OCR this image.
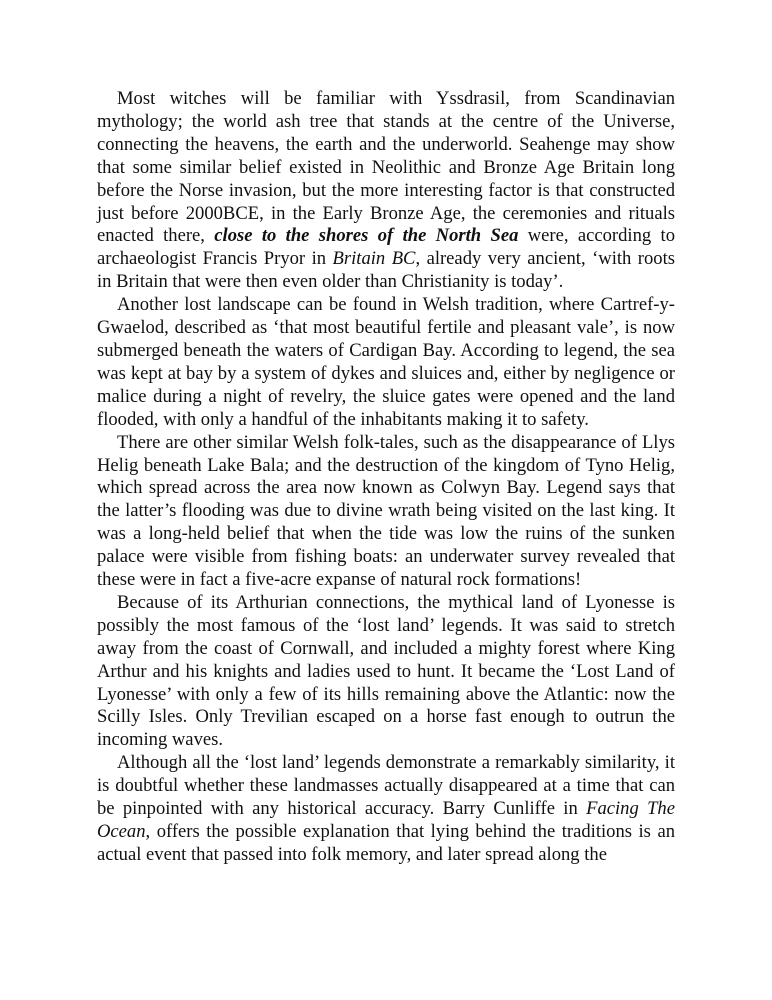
Most witches will be familiar with Yssdrasil, from Scandinavian mythology; the world ash tree that stands at the centre of the Universe, connecting the heavens, the earth and the underworld. Seahenge may show that some similar belief existed in Neolithic and Bronze Age Britain long before the Norse invasion, but the more interesting factor is that constructed just before 2000BCE, in the Early Bronze Age, the ceremonies and rituals enacted there, close to the shores of the North Sea were, according to archaeologist Francis Pryor in Britain BC, already very ancient, ‘with roots in Britain that were then even older than Christianity is today’.

Another lost landscape can be found in Welsh tradition, where Cartref-y-Gwaelod, described as ‘that most beautiful fertile and pleasant vale’, is now submerged beneath the waters of Cardigan Bay. According to legend, the sea was kept at bay by a system of dykes and sluices and, either by negligence or malice during a night of revelry, the sluice gates were opened and the land flooded, with only a handful of the inhabitants making it to safety.

There are other similar Welsh folk-tales, such as the disappearance of Llys Helig beneath Lake Bala; and the destruction of the kingdom of Tyno Helig, which spread across the area now known as Colwyn Bay. Legend says that the latter’s flooding was due to divine wrath being visited on the last king. It was a long-held belief that when the tide was low the ruins of the sunken palace were visible from fishing boats: an underwater survey revealed that these were in fact a five-acre expanse of natural rock formations!

Because of its Arthurian connections, the mythical land of Lyonesse is possibly the most famous of the ‘lost land’ legends. It was said to stretch away from the coast of Cornwall, and included a mighty forest where King Arthur and his knights and ladies used to hunt. It became the ‘Lost Land of Lyonesse’ with only a few of its hills remaining above the Atlantic: now the Scilly Isles. Only Trevilian escaped on a horse fast enough to outrun the incoming waves.

Although all the ‘lost land’ legends demonstrate a remarkably similarity, it is doubtful whether these landmasses actually disappeared at a time that can be pinpointed with any historical accuracy. Barry Cunliffe in Facing The Ocean, offers the possible explanation that lying behind the traditions is an actual event that passed into folk memory, and later spread along the
